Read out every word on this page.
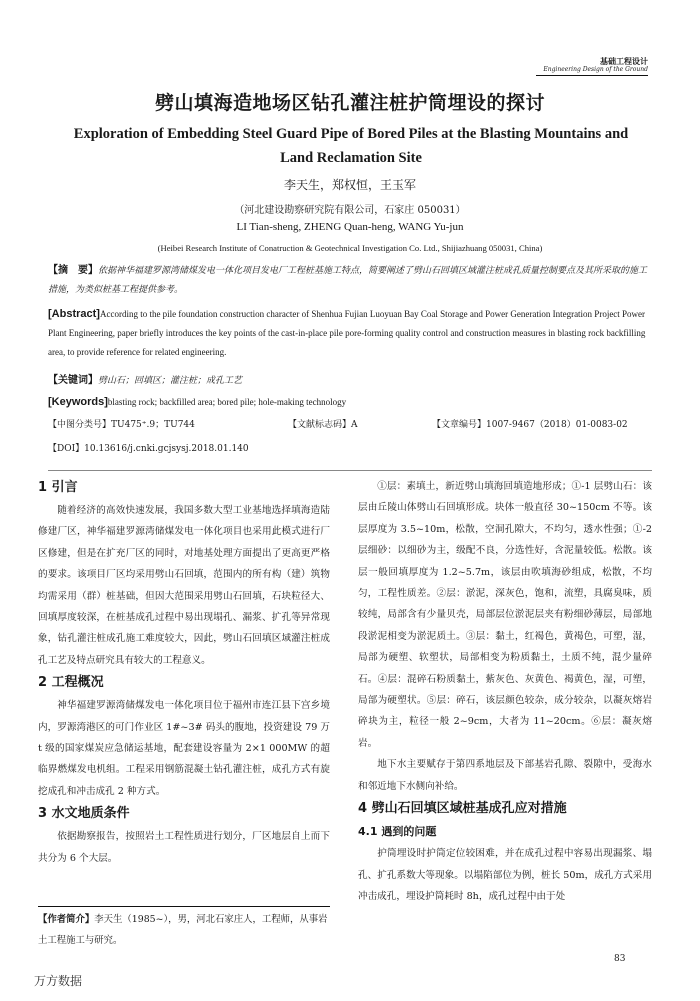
基础工程设计
Engineering Design of the Ground
劈山填海造地场区钻孔灌注桩护筒埋设的探讨
Exploration of Embedding Steel Guard Pipe of Bored Piles at the Blasting Mountains and Land Reclamation Site
李天生，郑权恒，王玉军
（河北建设勘察研究院有限公司，石家庄 050031）
LI Tian-sheng, ZHENG Quan-heng, WANG Yu-jun
(Heibei Research Institute of Conatruction & Geotechnical Investigation Co. Ltd., Shijiazhuang 050031, China)
【摘　要】依据神华福建罗源湾储煤发电一体化项目发电厂工程桩基施工特点，简要阐述了劈山石回填区域灌注桩成孔质量控制要点及其所采取的施工措施，为类似桩基工程提供参考。
[Abstract]According to the pile foundation construction character of Shenhua Fujian Luoyuan Bay Coal Storage and Power Generation Integration Project Power Plant Engineering, paper briefly introduces the key points of the cast-in-place pile pore-forming quality control and construction measures in blasting rock backfilling area, to provide reference for related engineering.
【关键词】劈山石；回填区；灌注桩；成孔工艺
[Keywords]blasting rock; backfilled area; bored pile; hole-making technology
【中图分类号】TU475⁺.9；TU744	【文献标志码】A	【文章编号】1007-9467（2018）01-0083-02
【DOI】10.13616/j.cnki.gcjsysj.2018.01.140
1 引言

随着经济的高效快速发展，我国多数大型工业基地选择填海造陆修建厂区，神华福建罗源湾储煤发电一体化项目也采用此模式进行厂区修建，但是在扩充厂区的同时，对地基处理方面提出了更高更严格的要求。该项目厂区均采用劈山石回填，范围内的所有构（建）筑物均需采用（群）桩基础，但因大范围采用劈山石回填，石块粒径大、回填厚度较深，在桩基成孔过程中易出现塌孔、漏浆、扩孔等异常现象，钻孔灌注桩成孔施工难度较大，因此，劈山石回填区域灌注桩成孔工艺及特点研究具有较大的工程意义。

2 工程概况

神华福建罗源湾储煤发电一体化项目位于福州市连江县下宫乡境内，罗源湾港区的可门作业区 1#~3# 码头的腹地，投资建设 79 万 t 级的国家煤炭应急储运基地，配套建设容量为 2×1 000MW 的超临界燃煤发电机组。工程采用钢筋混凝土钻孔灌注桩，成孔方式有旋挖成孔和冲击成孔 2 种方式。

3 水文地质条件

依据勘察报告，按照岩土工程性质进行划分，厂区地层自上而下共分为 6 个大层。

【作者简介】李天生（1985~），男，河北石家庄人，工程师，从事岩土工程施工与研究。

①层：素填土，新近劈山填海回填造地形成；①-1 层劈山石：该层由丘陵山体劈山石回填形成。块体一般直径 30~150cm 不等。该层厚度为 3.5~10m，松散，空洞孔隙大，不均匀，透水性强；①-2 层细砂：以细砂为主，级配不良，分选性好，含泥量较低。松散。该层一般回填厚度为 1.2~5.7m，该层由吹填海砂组成，松散，不均匀，工程性质差。②层：淤泥，深灰色，饱和，流塑，具腐臭味，质较纯，局部含有少量贝壳，局部层位淤泥层夹有粉细砂薄层，局部地段淤泥相变为淤泥质土。③层：黏土，红褐色，黄褐色，可塑，湿，局部为硬塑、软塑状，局部相变为粉质黏土，土质不纯，混少量碎石。④层：混碎石粉质黏土，紫灰色、灰黄色、褐黄色，湿，可塑，局部为硬塑状。⑤层：碎石，该层颜色较杂，成分较杂，以凝灰熔岩碎块为主，粒径一般 2~9cm，大者为 11~20cm。⑥层：凝灰熔岩。

地下水主要赋存于第四系地层及下部基岩孔隙、裂隙中，受海水和邻近地下水侧向补给。

4 劈山石回填区域桩基成孔应对措施
4.1 遇到的问题

护筒埋设时护筒定位较困难，并在成孔过程中容易出现漏浆、塌孔、扩孔系数大等现象。以塌陷部位为例，桩长 50m，成孔方式采用冲击成孔，埋设护筒耗时 8h，成孔过程中由于处

83
万方数据
